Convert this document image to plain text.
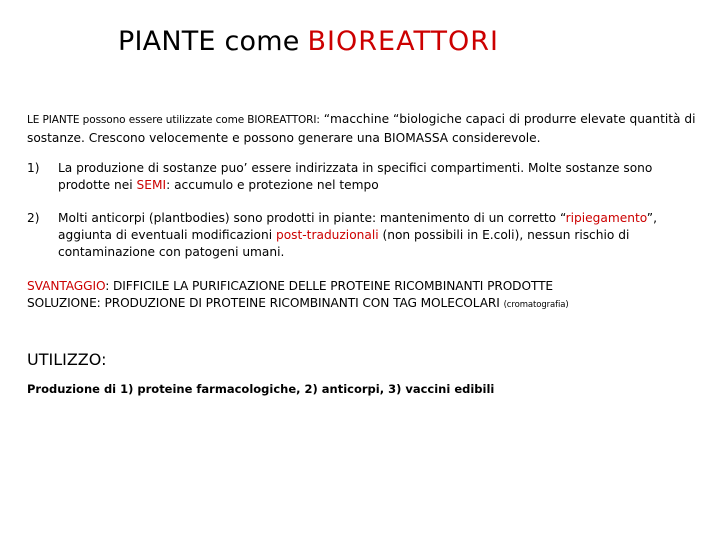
PIANTE come BIOREATTORI
LE PIANTE possono essere utilizzate come BIOREATTORI: “macchine “biologiche capaci di produrre elevate quantità di sostanze. Crescono velocemente e possono generare una BIOMASSA considerevole.
1) La produzione di sostanze puo’ essere indirizzata in specifici compartimenti. Molte sostanze sono prodotte nei SEMI: accumulo e protezione nel tempo
2) Molti anticorpi (plantbodies) sono prodotti in piante: mantenimento di un corretto “ripiegamento”, aggiunta di eventuali modificazioni post-traduzionali (non possibili in E.coli), nessun rischio di contaminazione con patogeni umani.
SVANTAGGIO: DIFFICILE LA PURIFICAZIONE DELLE PROTEINE RICOMBINANTI PRODOTTE
SOLUZIONE: PRODUZIONE DI PROTEINE RICOMBINANTI CON TAG MOLECOLARI (cromatografia)
UTILIZZO:
Produzione di 1) proteine farmacologiche, 2) anticorpi, 3) vaccini edibili
